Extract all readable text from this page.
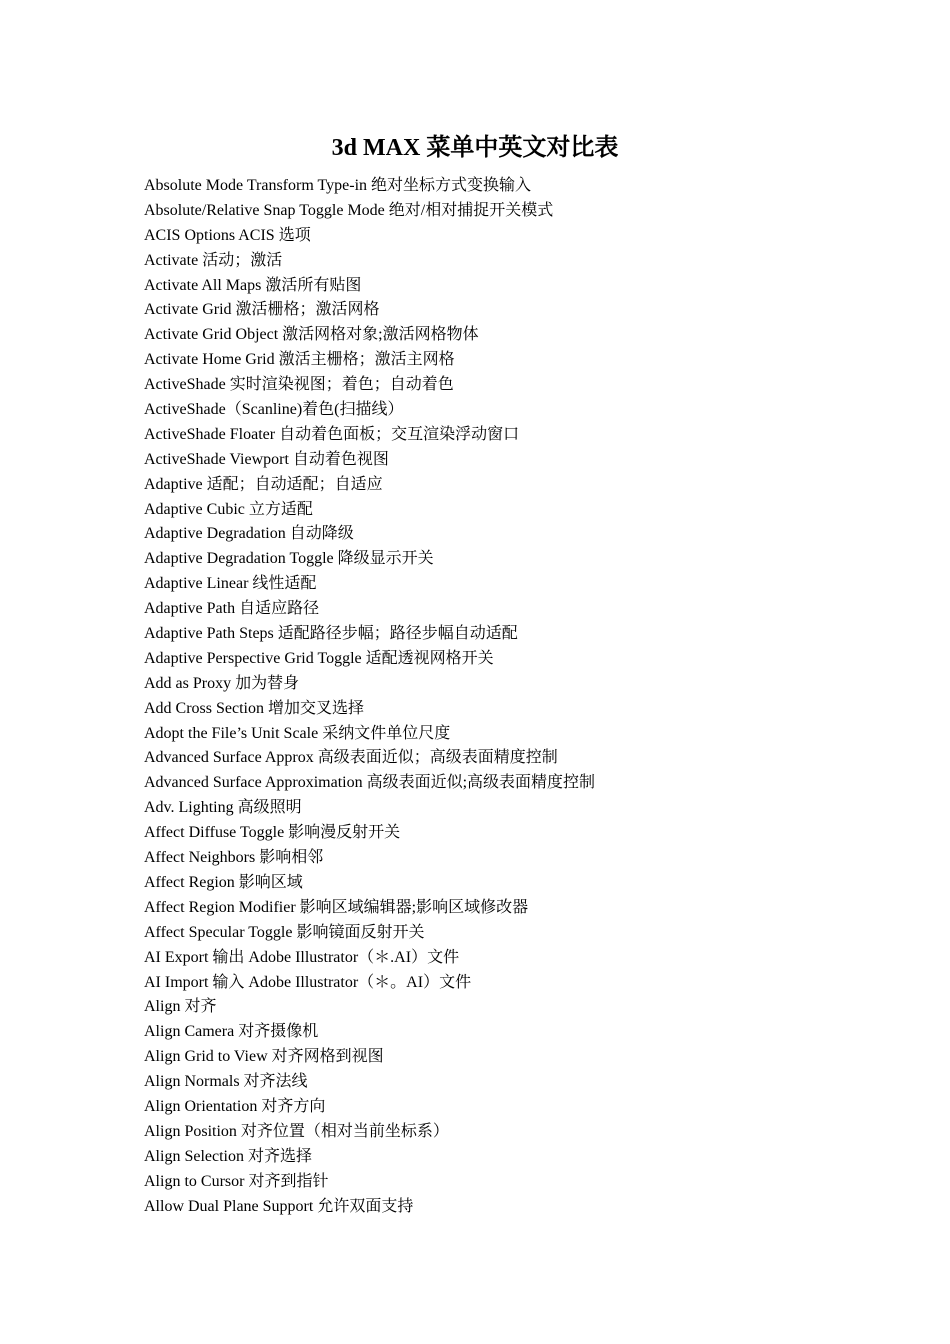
3d MAX 菜单中英文对比表
Absolute Mode Transform Type-in 绝对坐标方式变换输入
Absolute/Relative Snap Toggle Mode 绝对/相对捕捉开关模式
ACIS Options ACIS 选项
Activate 活动；激活
Activate All Maps 激活所有贴图
Activate Grid 激活栅格；激活网格
Activate Grid Object 激活网格对象;激活网格物体
Activate Home Grid 激活主栅格；激活主网格
ActiveShade 实时渲染视图；着色；自动着色
ActiveShade（Scanline)着色(扫描线）
ActiveShade Floater 自动着色面板；交互渲染浮动窗口
ActiveShade Viewport 自动着色视图
Adaptive 适配；自动适配；自适应
Adaptive Cubic 立方适配
Adaptive Degradation 自动降级
Adaptive Degradation Toggle 降级显示开关
Adaptive Linear 线性适配
Adaptive Path 自适应路径
Adaptive Path Steps 适配路径步幅；路径步幅自动适配
Adaptive Perspective Grid Toggle 适配透视网格开关
Add as Proxy 加为替身
Add Cross Section 增加交叉选择
Adopt the File’s Unit Scale 采纳文件单位尺度
Advanced Surface Approx 高级表面近似；高级表面精度控制
Advanced Surface Approximation 高级表面近似;高级表面精度控制
Adv. Lighting 高级照明
Affect Diffuse Toggle 影响漫反射开关
Affect Neighbors 影响相邻
Affect Region 影响区域
Affect Region Modifier 影响区域编辑器;影响区域修改器
Affect Specular Toggle 影响镜面反射开关
AI Export 输出 Adobe Illustrator（＊.AI）文件
AI Import 输入 Adobe Illustrator（＊。AI）文件
Align 对齐
Align Camera 对齐摄像机
Align Grid to View 对齐网格到视图
Align Normals 对齐法线
Align Orientation 对齐方向
Align Position 对齐位置（相对当前坐标系）
Align Selection 对齐选择
Align to Cursor 对齐到指针
Allow Dual Plane Support 允许双面支持
